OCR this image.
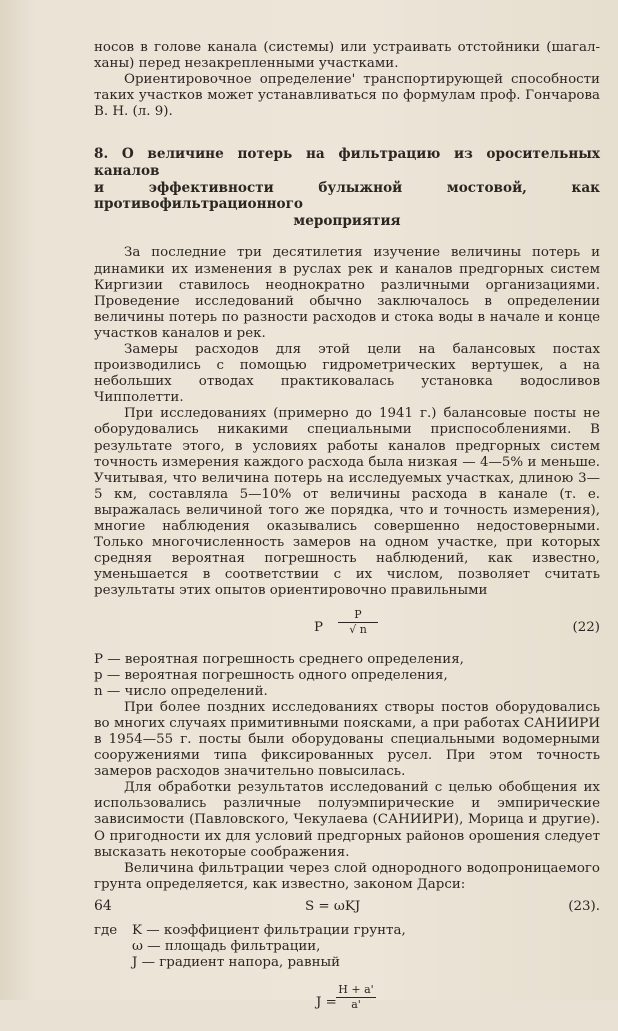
носов в голове канала (системы) или устраивать отстойники (шагал-

ханы) перед незакрепленными участками.

Ориентировочное определение' транспортирующей способности таких участков может устанавливаться по формулам проф. Гончарова В. Н. (л. 9).

8. О величине потерь на фильтрацию из оросительных каналов
и эффективности булыжной мостовой, как противофильтрационного
мероприятия

За последние три десятилетия изучение величины потерь и динамики их изменения в руслах рек и каналов предгорных систем Киргизии ставилось неоднократно различными организациями. Проведение исследований обычно заключалось в определении величины потерь по разности расходов и стока воды в начале и конце участков каналов и рек.

Замеры расходов для этой цели на балансовых постах производились с помощью гидрометрических вертушек, а на небольших отводах практиковалась установка водосливов Чипполетти.

При исследованиях (примерно до 1941 г.) балансовые посты не оборудовались никакими специальными приспособлениями. В результате этого, в условиях работы каналов предгорных систем точность измерения каждого расхода была низкая — 4—5% и меньше. Учитывая, что величина потерь на исследуемых участках, длиною 3—5 км, составляла 5—10% от величины расхода в канале (т. е. выражалась величиной того же порядка, что и точность измерения), многие наблюдения оказывались совершенно недостоверными. Только многочисленность замеров на одном участке, при которых средняя вероятная погрешность наблюдений, как известно, уменьшается в соответствии с их числом, позволяет считать результаты этих опытов ориентировочно правильными

P $\frac{P}{√ n}$	(22)

P — вероятная погрешность среднего определения,

p — вероятная погрешность одного определения,

n — число определений.

При более поздних исследованиях створы постов оборудовались во многих случаях примитивными поясками, а при работах САНИИРИ в 1954—55 г. посты были оборудованы специальными водомерными сооружениями типа фиксированных русел. При этом точность замеров расходов значительно повысилась.

Для обработки результатов исследований с целью обобщения их использовались различные полуэмпирические и эмпирические зависимости (Павловского, Чекулаева (САНИИРИ), Морица и другие). О пригодности их для условий предгорных районов орошения следует высказать некоторые соображения.

Величина фильтрации через слой однородного водопроницаемого грунта определяется, как известно, законом Дарси:

S = ωKJ	(23).
где	K — коэффициент фильтрации грунта,
ω — площадь фильтрации,
J — градиент напора, равный
$J = \frac{H + a'}{a'}$
64
